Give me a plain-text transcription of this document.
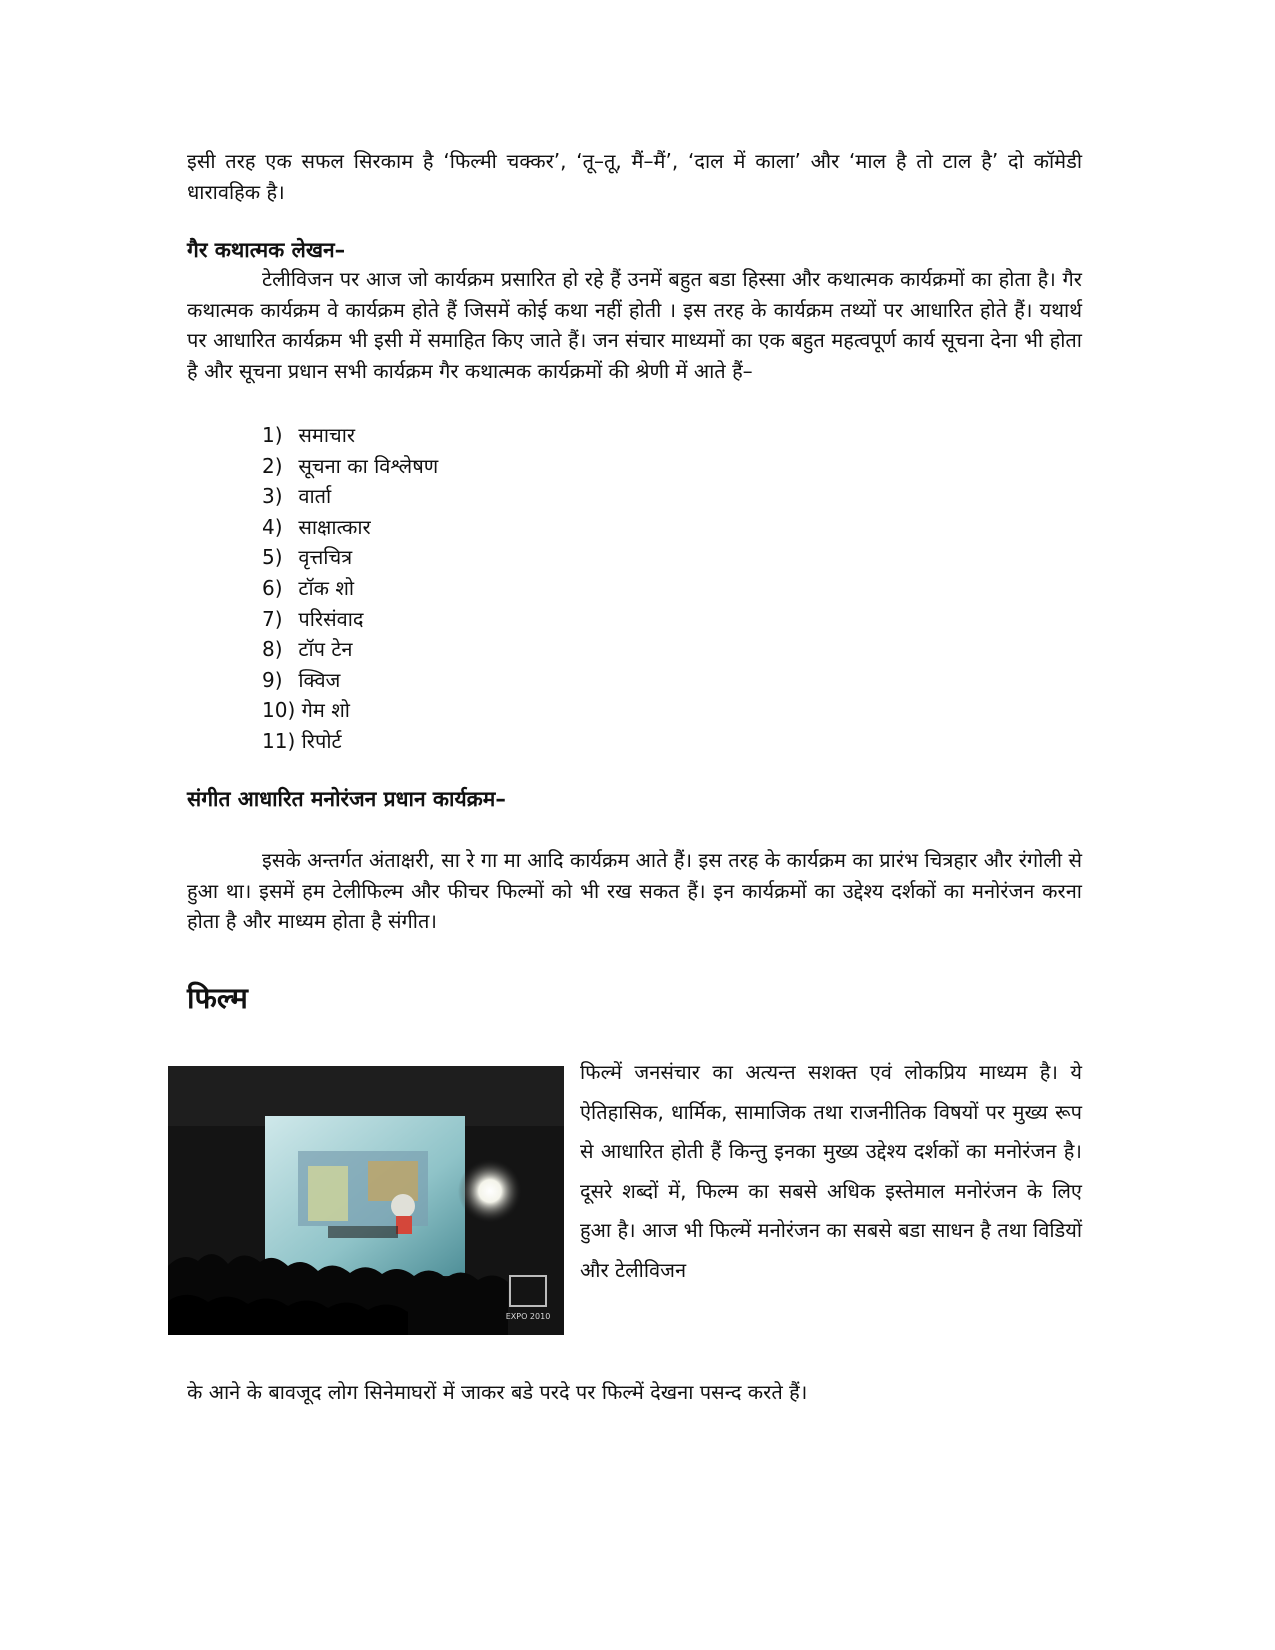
इसी तरह एक सफल सिरकाम है ‘फिल्मी चक्कर’, ‘तू–तू, मैं–मैं’, ‘दाल में काला’ और ‘माल है तो टाल है’ दो कॉमेडी धारावहिक है।

गैर कथात्मक लेखन–

टेलीविजन पर आज जो कार्यक्रम प्रसारित हो रहे हैं उनमें बहुत बडा हिस्सा और कथात्मक कार्यक्रमों का होता है। गैर कथात्मक कार्यक्रम वे कार्यक्रम होते हैं जिसमें कोई कथा नहीं होती । इस तरह के कार्यक्रम तथ्यों पर आधारित होते हैं। यथार्थ पर आधारित कार्यक्रम भी इसी में समाहित किए जाते हैं। जन संचार माध्यमों का एक बहुत महत्वपूर्ण कार्य सूचना देना भी होता है और सूचना प्रधान सभी कार्यक्रम गैर कथात्मक कार्यक्रमों की श्रेणी में आते हैं–

1) समाचार
2) सूचना का विश्लेषण
3) वार्ता
4) साक्षात्कार
5) वृत्तचित्र
6) टॉक शो
7) परिसंवाद
8) टॉप टेन
9) क्विज
10) गेम शो
11) रिपोर्ट
संगीत आधारित मनोरंजन प्रधान कार्यक्रम–

इसके अन्तर्गत अंताक्षरी, सा रे गा मा आदि कार्यक्रम आते हैं। इस तरह के कार्यक्रम का प्रारंभ चित्रहार और रंगोली से हुआ था। इसमें हम टेलीफिल्म और फीचर फिल्मों को भी रख सकत हैं। इन कार्यक्रमों का उद्देश्य दर्शकों का मनोरंजन करना होता है और माध्यम होता है संगीत।

फिल्म
EXPO 2010

फिल्में जनसंचार का अत्यन्त सशक्त एवं लोकप्रिय माध्यम है। ये ऐतिहासिक, धार्मिक, सामाजिक तथा राजनीतिक विषयों पर मुख्य रूप से आधारित होती हैं किन्तु इनका मुख्य उद्देश्य दर्शकों का मनोरंजन है। दूसरे शब्दों में, फिल्म का सबसे अधिक इस्तेमाल मनोरंजन के लिए हुआ है। आज भी फिल्में मनोरंजन का सबसे बडा साधन है तथा विडियों और टेलीविजन

के आने के बावजूद लोग सिनेमाघरों में जाकर बडे परदे पर फिल्में देखना पसन्द करते हैं।
